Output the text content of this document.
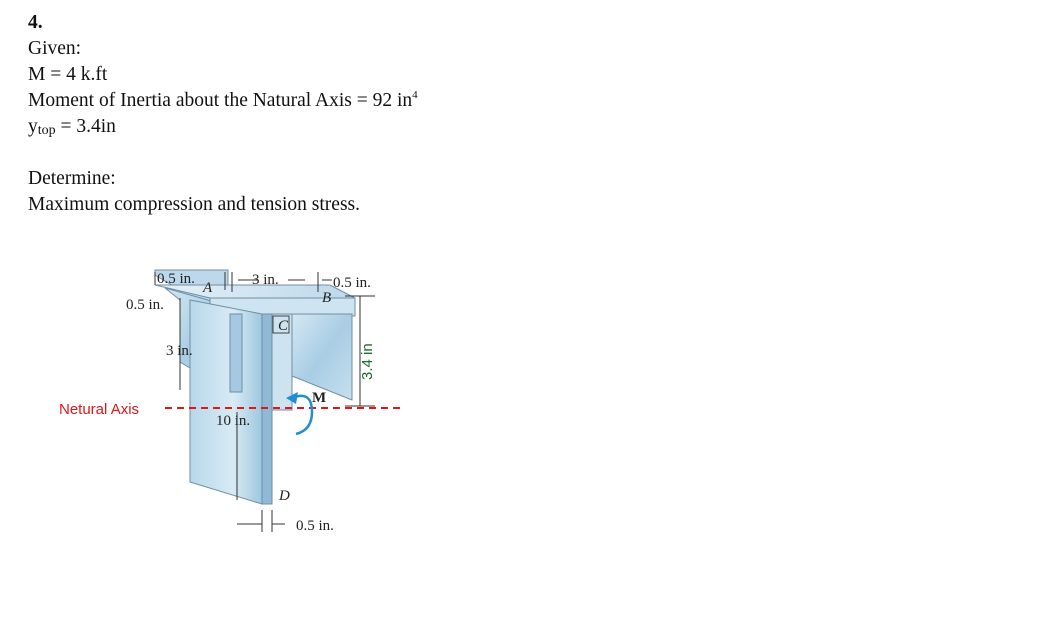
4.
Given:
M = 4 k.ft
Moment of Inertia about the Natural Axis = 92 $in^4$
$y_{top} = 3.4in$
Determine:
Maximum compression and tension stress.
0.5 in.	3 in.	0.5 in.
0.5 in.
3 in.
10 in.
0.5 in.
A
B
C
D
M
Netural Axis
3.4 in
